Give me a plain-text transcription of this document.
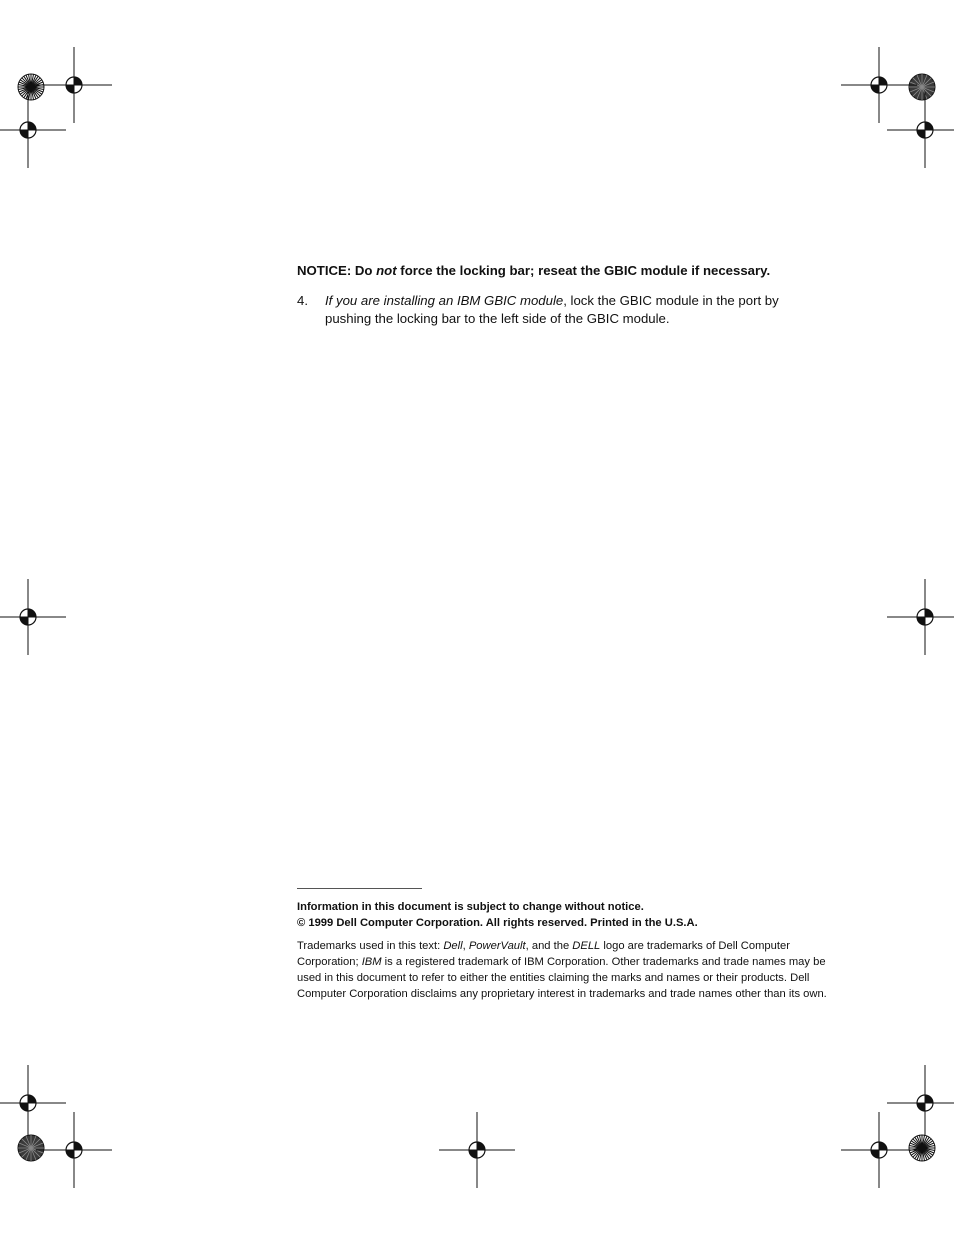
NOTICE: Do not force the locking bar; reseat the GBIC module if necessary.
4. If you are installing an IBM GBIC module, lock the GBIC module in the port by pushing the locking bar to the left side of the GBIC module.
Information in this document is subject to change without notice.
© 1999 Dell Computer Corporation. All rights reserved. Printed in the U.S.A.
Trademarks used in this text: Dell, PowerVault, and the DELL logo are trademarks of Dell Computer Corporation; IBM is a registered trademark of IBM Corporation. Other trademarks and trade names may be used in this document to refer to either the entities claiming the marks and names or their products. Dell Computer Corporation disclaims any proprietary interest in trademarks and trade names other than its own.
